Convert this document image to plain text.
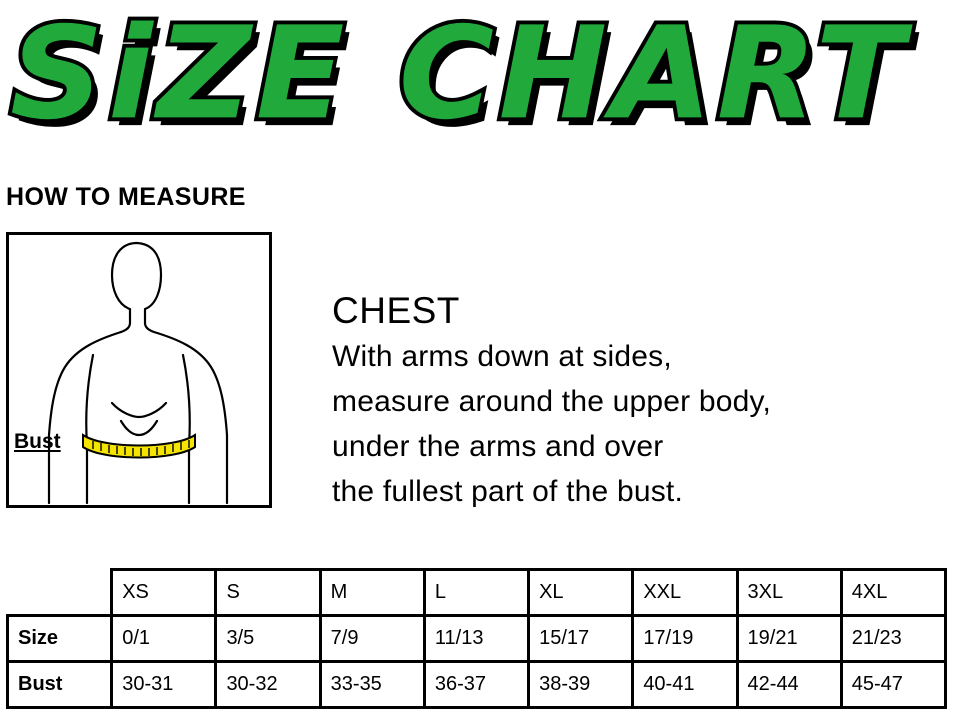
SiZE CHART
HOW TO MEASURE
Bust
CHEST
With arms down at sides,
measure around the upper body,
under the arms and over
the fullest part of the bust.
	XS	S	M	L	XL	XXL	3XL	4XL
Size	0/1	3/5	7/9	11/13	15/17	17/19	19/21	21/23
Bust	30-31	30-32	33-35	36-37	38-39	40-41	42-44	45-47
